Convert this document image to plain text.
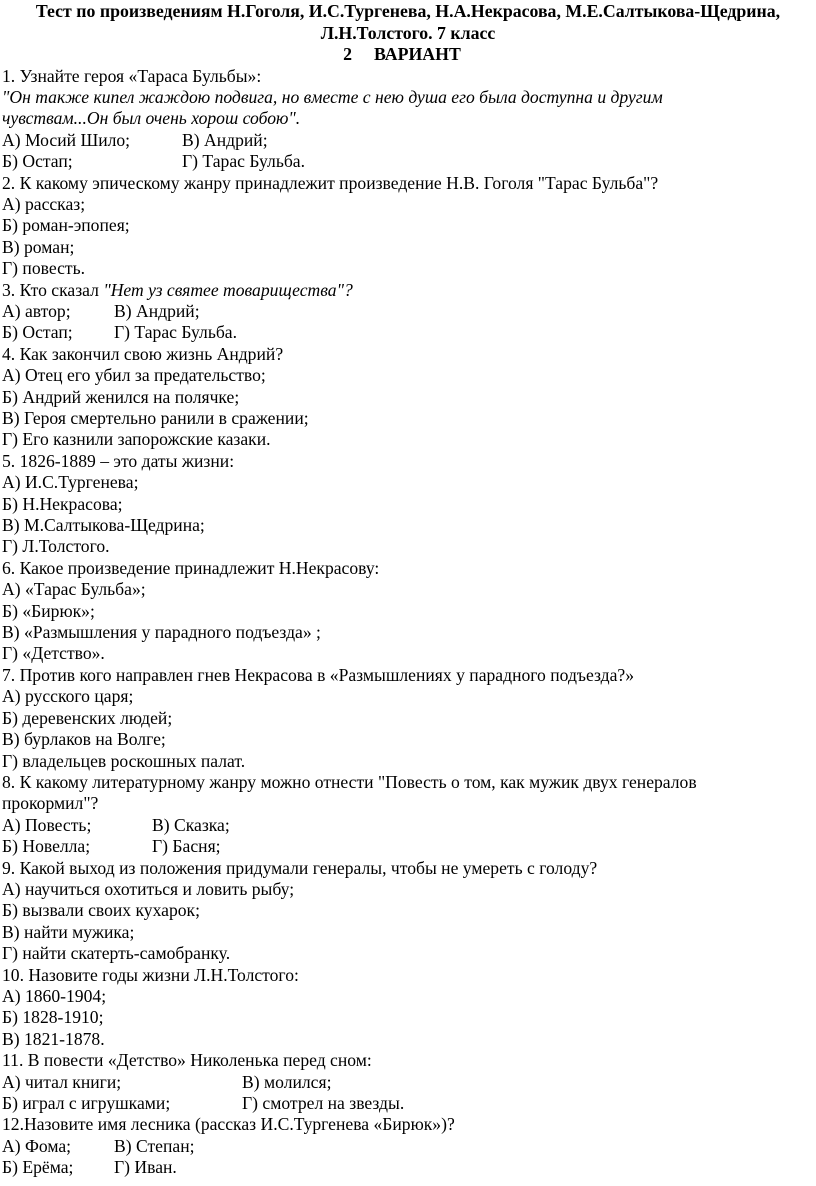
Тест по произведениям Н.Гоголя, И.С.Тургенева, Н.А.Некрасова, М.Е.Салтыкова-Щедрина,
Л.Н.Толстого. 7 класс
2 ВАРИАНТ
1. Узнайте героя «Тараса Бульбы»:
"Он также кипел жаждою подвига, но вместе с нею душа его была доступна и другим
чувствам...Он был очень хорош собою".
А) Мосий Шило;	В) Андрий;
Б) Остап;	Г) Тарас Бульба.
2. К какому эпическому жанру принадлежит произведение Н.В. Гоголя "Тарас Бульба"?
А) рассказ;
Б) роман-эпопея;
В) роман;
Г) повесть.
3. Кто сказал "Нет уз святее товарищества"?
А) автор; В) Андрий;
Б) Остап; Г) Тарас Бульба.
4. Как закончил свою жизнь Андрий?
А) Отец его убил за предательство;
Б) Андрий женился на полячке;
В) Героя смертельно ранили в сражении;
Г) Его казнили запорожские казаки.
5. 1826-1889 – это даты жизни:
А) И.С.Тургенева;
Б) Н.Некрасова;
В) М.Салтыкова-Щедрина;
Г) Л.Толстого.
6. Какое произведение принадлежит Н.Некрасову:
А) «Тарас Бульба»;
Б) «Бирюк»;
В) «Размышления у парадного подъезда» ;
Г) «Детство».
7. Против кого направлен гнев Некрасова в «Размышлениях у парадного подъезда?»
А) русского царя;
Б) деревенских людей;
В) бурлаков на Волге;
Г) владельцев роскошных палат.
8. К какому литературному жанру можно отнести "Повесть о том, как мужик двух генералов
прокормил"?
А) Повесть;	В) Сказка;
Б) Новелла;	Г) Басня;
9. Какой выход из положения придумали генералы, чтобы не умереть с голоду?
А) научиться охотиться и ловить рыбу;
Б) вызвали своих кухарок;
В) найти мужика;
Г) найти скатерть-самобранку.
10. Назовите годы жизни Л.Н.Толстого:
А) 1860-1904;
Б) 1828-1910;
В) 1821-1878.
11. В повести «Детство» Николенька перед сном:
А) читал книги;	В) молился;
Б) играл с игрушками;	Г) смотрел на звезды.
12.Назовите имя лесника (рассказ И.С.Тургенева «Бирюк»)?
А) Фома; В) Степан;
Б) Ерёма; Г) Иван.
